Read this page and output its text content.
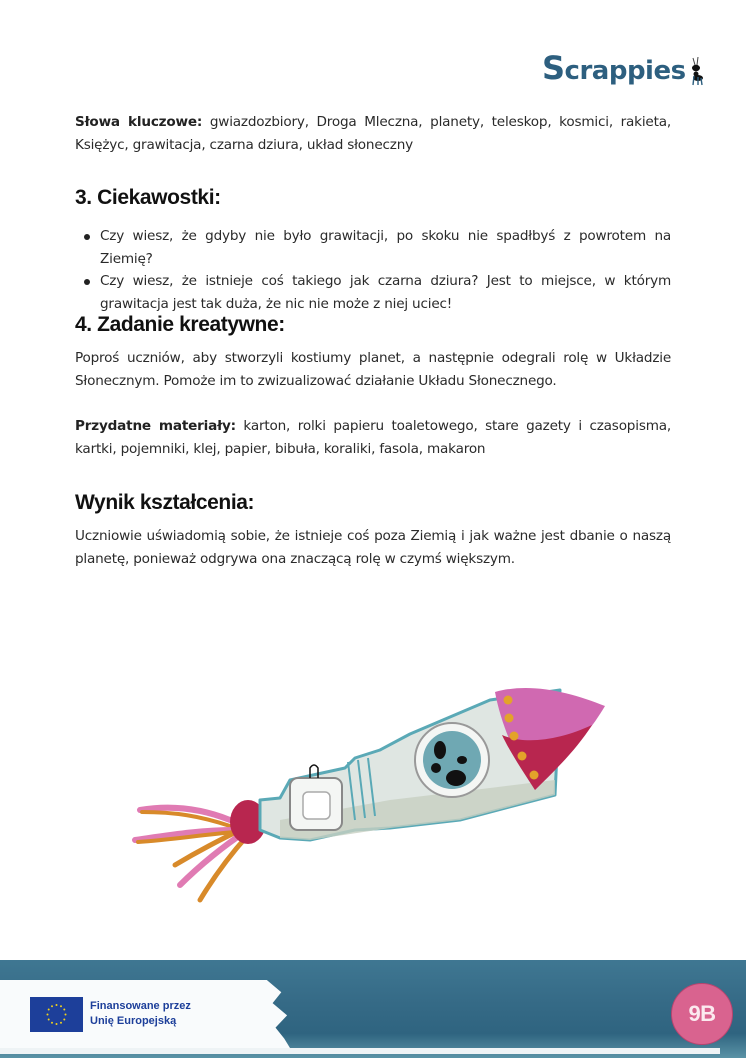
Scrappies
Słowa kluczowe: gwiazdozbiory, Droga Mleczna, planety, teleskop, kosmici, rakieta, Księżyc, grawitacja, czarna dziura, układ słoneczny
3. Ciekawostki:
Czy wiesz, że gdyby nie było grawitacji, po skoku nie spadłbyś z powrotem na Ziemię?
Czy wiesz, że istnieje coś takiego jak czarna dziura? Jest to miejsce, w którym grawitacja jest tak duża, że nic nie może z niej uciec!
4. Zadanie kreatywne:
Poproś uczniów, aby stworzyli kostiumy planet, a następnie odegrali rolę w Układzie Słonecznym. Pomoże im to zwizualizować działanie Układu Słonecznego.
Przydatne materiały: karton, rolki papieru toaletowego, stare gazety i czasopisma, kartki, pojemniki, klej, papier, bibuła, koraliki, fasola, makaron
Wynik kształcenia:
Uczniowie uświadomią sobie, że istnieje coś poza Ziemią i jak ważne jest dbanie o naszą planetę, ponieważ odgrywa ona znaczącą rolę w czymś większym.
Finansowane przez
Unię Europejską	9B
